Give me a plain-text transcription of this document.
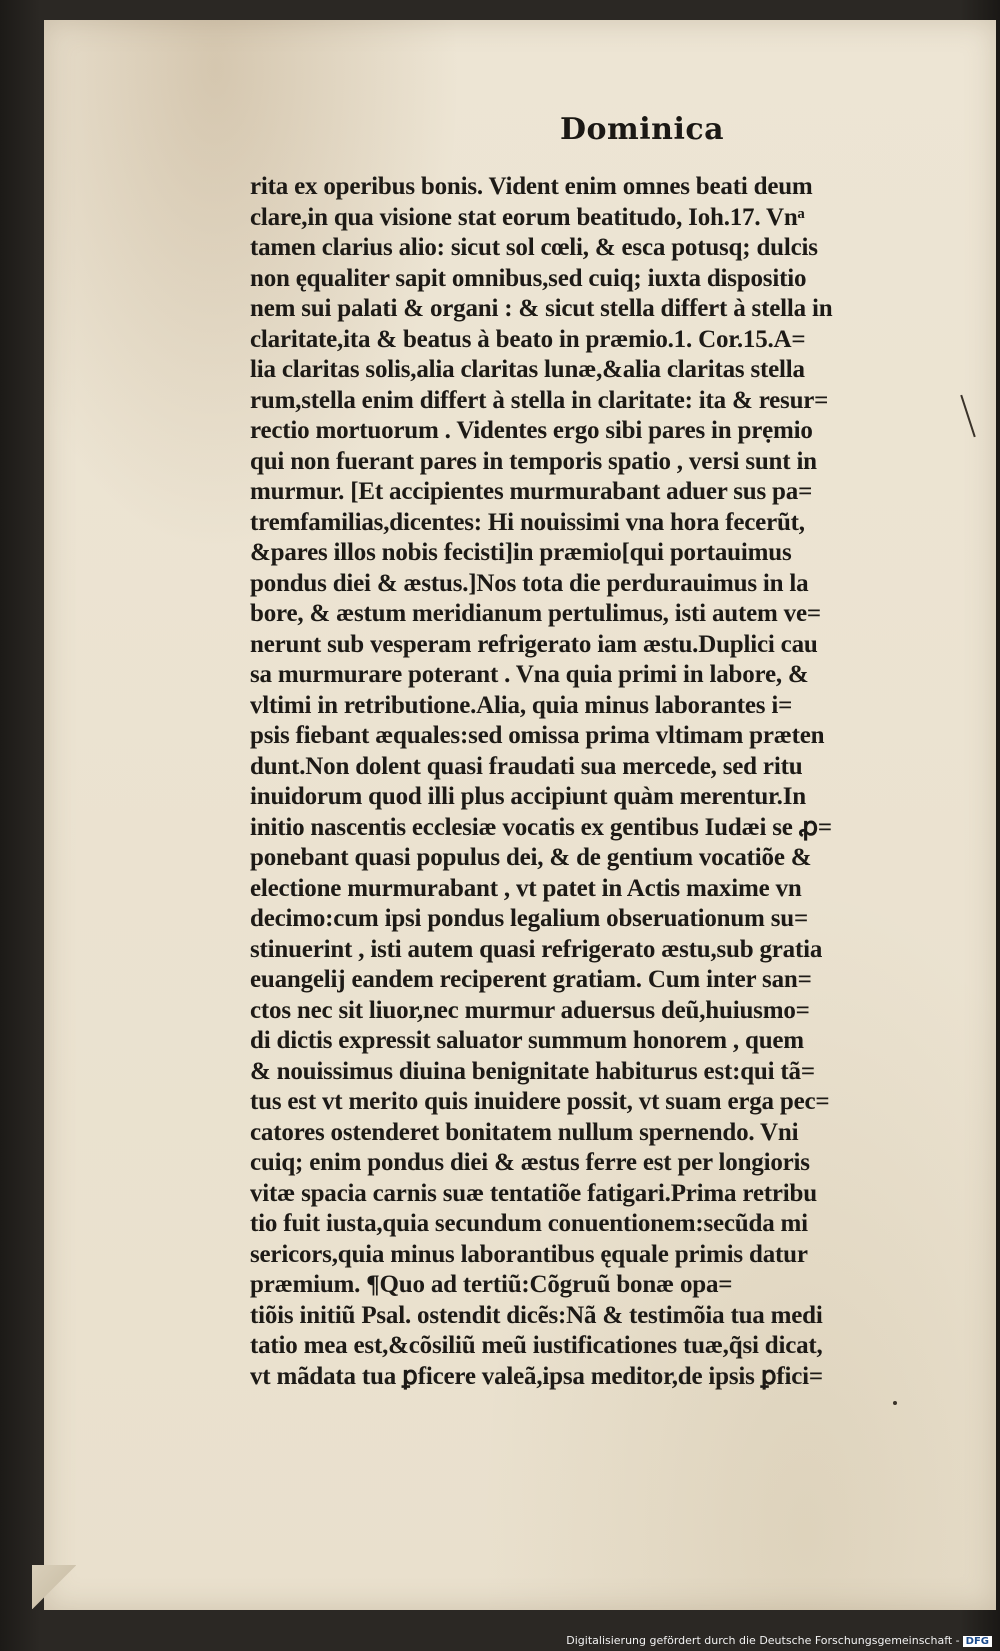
Dominica
rita ex operibus bonis. Vident enim omnes beati deum
clare,in qua visione stat eorum beatitudo, Ioh.17. Vnᵃ
tamen clarius alio: sicut sol cœli, & esca potusq; dulcis
non ęqualiter sapit omnibus,sed cuiq; iuxta dispositio
nem sui palati & organi : & sicut stella differt à stella in
claritate,ita & beatus à beato in præmio.1. Cor.15.A=
lia claritas solis,alia claritas lunæ,&alia claritas stella
rum,stella enim differt à stella in claritate: ita & resur=
rectio mortuorum . Videntes ergo sibi pares in prẹmio
qui non fuerant pares in temporis spatio , versi sunt in
murmur. [Et accipientes murmurabant aduer sus pa=
tremfamilias,dicentes: Hi nouissimi vna hora fecerũt,
&pares illos nobis fecisti]in præmio[qui portauimus
pondus diei & æstus.]Nos tota die perdurauimus in la
bore, & æstum meridianum pertulimus, isti autem ve=
nerunt sub vesperam refrigerato iam æstu.Duplici cau
sa murmurare poterant . Vna quia primi in labore, &
vltimi in retributione.Alia, quia minus laborantes i=
psis fiebant æquales:sed omissa prima vltimam præten
dunt.Non dolent quasi fraudati sua mercede, sed ritu
inuidorum quod illi plus accipiunt quàm merentur.In
initio nascentis ecclesiæ vocatis ex gentibus Iudæi se ꝓ=
ponebant quasi populus dei, & de gentium vocatiõe &
electione murmurabant , vt patet in Actis maxime vn
decimo:cum ipsi pondus legalium obseruationum su=
stinuerint , isti autem quasi refrigerato æstu,sub gratia
euangelij eandem reciperent gratiam. Cum inter san=
ctos nec sit liuor,nec murmur aduersus deũ,huiusmo=
di dictis expressit saluator summum honorem , quem
& nouissimus diuina benignitate habiturus est:qui tã=
tus est vt merito quis inuidere possit, vt suam erga pec=
catores ostenderet bonitatem nullum spernendo. Vni
cuiq; enim pondus diei & æstus ferre est per longioris
vitæ spacia carnis suæ tentatiõe fatigari.Prima retribu
tio fuit iusta,quia secundum conuentionem:secũda mi
sericors,quia minus laborantibus ęquale primis datur
præmium. ¶Quo ad tertiũ:Cõgruũ bonæ opa=
tiõis initiũ Psal. ostendit dicẽs:Nã & testimõia tua medi
tatio mea est,&cõsiliũ meũ iustificationes tuæ,q̃si dicat,
vt mãdata tua ꝑficere valeã,ipsa meditor,de ipsis ꝑfici=
Digitalisierung gefördert durch die Deutsche Forschungsgemeinschaft - DFG
